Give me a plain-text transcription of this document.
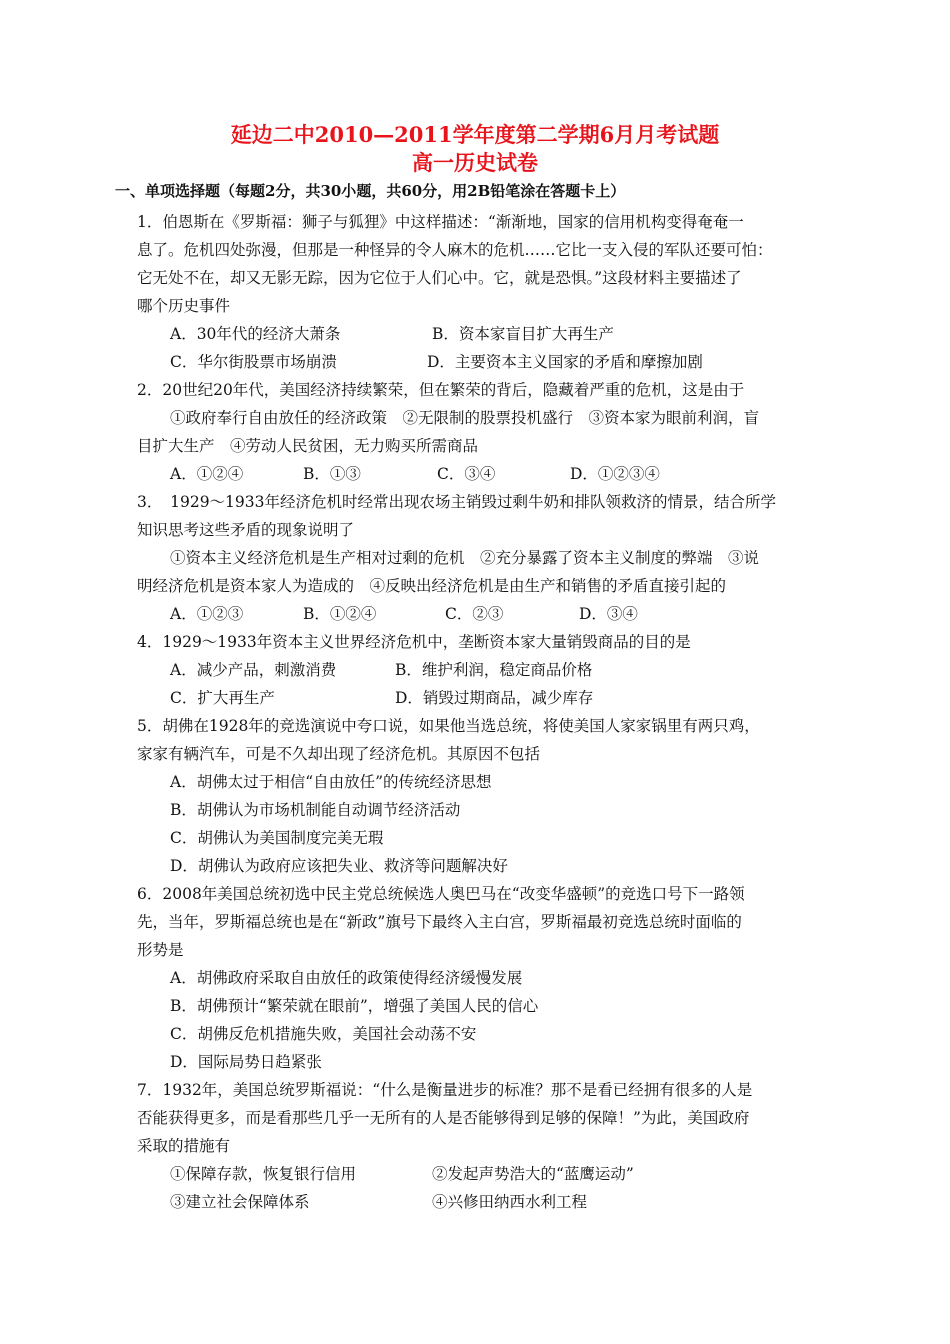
延边二中2010—2011学年度第二学期6月月考试题
高一历史试卷
一、单项选择题（每题2分，共30小题，共60分，用2B铅笔涂在答题卡上）
1．伯恩斯在《罗斯福：狮子与狐狸》中这样描述：“渐渐地，国家的信用机构变得奄奄一
息了。危机四处弥漫，但那是一种怪异的令人麻木的危机……它比一支入侵的军队还要可怕：
它无处不在，却又无影无踪，因为它位于人们心中。它，就是恐惧。”这段材料主要描述了
哪个历史事件
A．30年代的经济大萧条	B．资本家盲目扩大再生产
C．华尔街股票市场崩溃	D．主要资本主义国家的矛盾和摩擦加剧
2．20世纪20年代，美国经济持续繁荣，但在繁荣的背后，隐藏着严重的危机，这是由于
①政府奉行自由放任的经济政策　②无限制的股票投机盛行　③资本家为眼前利润，盲
目扩大生产　④劳动人民贫困，无力购买所需商品
A．①②④	B．①③	C．③④	D．①②③④
3．　1929～1933年经济危机时经常出现农场主销毁过剩牛奶和排队领救济的情景，结合所学
知识思考这些矛盾的现象说明了
①资本主义经济危机是生产相对过剩的危机　②充分暴露了资本主义制度的弊端　③说
明经济危机是资本家人为造成的　④反映出经济危机是由生产和销售的矛盾直接引起的
A．①②③	B．①②④	C．②③	D．③④
4．1929～1933年资本主义世界经济危机中，垄断资本家大量销毁商品的目的是
A．减少产品，刺激消费	B．维护利润，稳定商品价格
C．扩大再生产	D．销毁过期商品，减少库存
5．胡佛在1928年的竞选演说中夸口说，如果他当选总统，将使美国人家家锅里有两只鸡，
家家有辆汽车，可是不久却出现了经济危机。其原因不包括
A．胡佛太过于相信“自由放任”的传统经济思想
B．胡佛认为市场机制能自动调节经济活动
C．胡佛认为美国制度完美无瑕
D．胡佛认为政府应该把失业、救济等问题解决好
6．2008年美国总统初选中民主党总统候选人奥巴马在“改变华盛顿”的竞选口号下一路领
先，当年，罗斯福总统也是在“新政”旗号下最终入主白宫，罗斯福最初竞选总统时面临的
形势是
A．胡佛政府采取自由放任的政策使得经济缓慢发展
B．胡佛预计“繁荣就在眼前”，增强了美国人民的信心
C．胡佛反危机措施失败，美国社会动荡不安
D．国际局势日趋紧张
7．1932年，美国总统罗斯福说：“什么是衡量进步的标准？那不是看已经拥有很多的人是
否能获得更多，而是看那些几乎一无所有的人是否能够得到足够的保障！”为此，美国政府
采取的措施有
①保障存款，恢复银行信用	②发起声势浩大的“蓝鹰运动”
③建立社会保障体系	④兴修田纳西水利工程
